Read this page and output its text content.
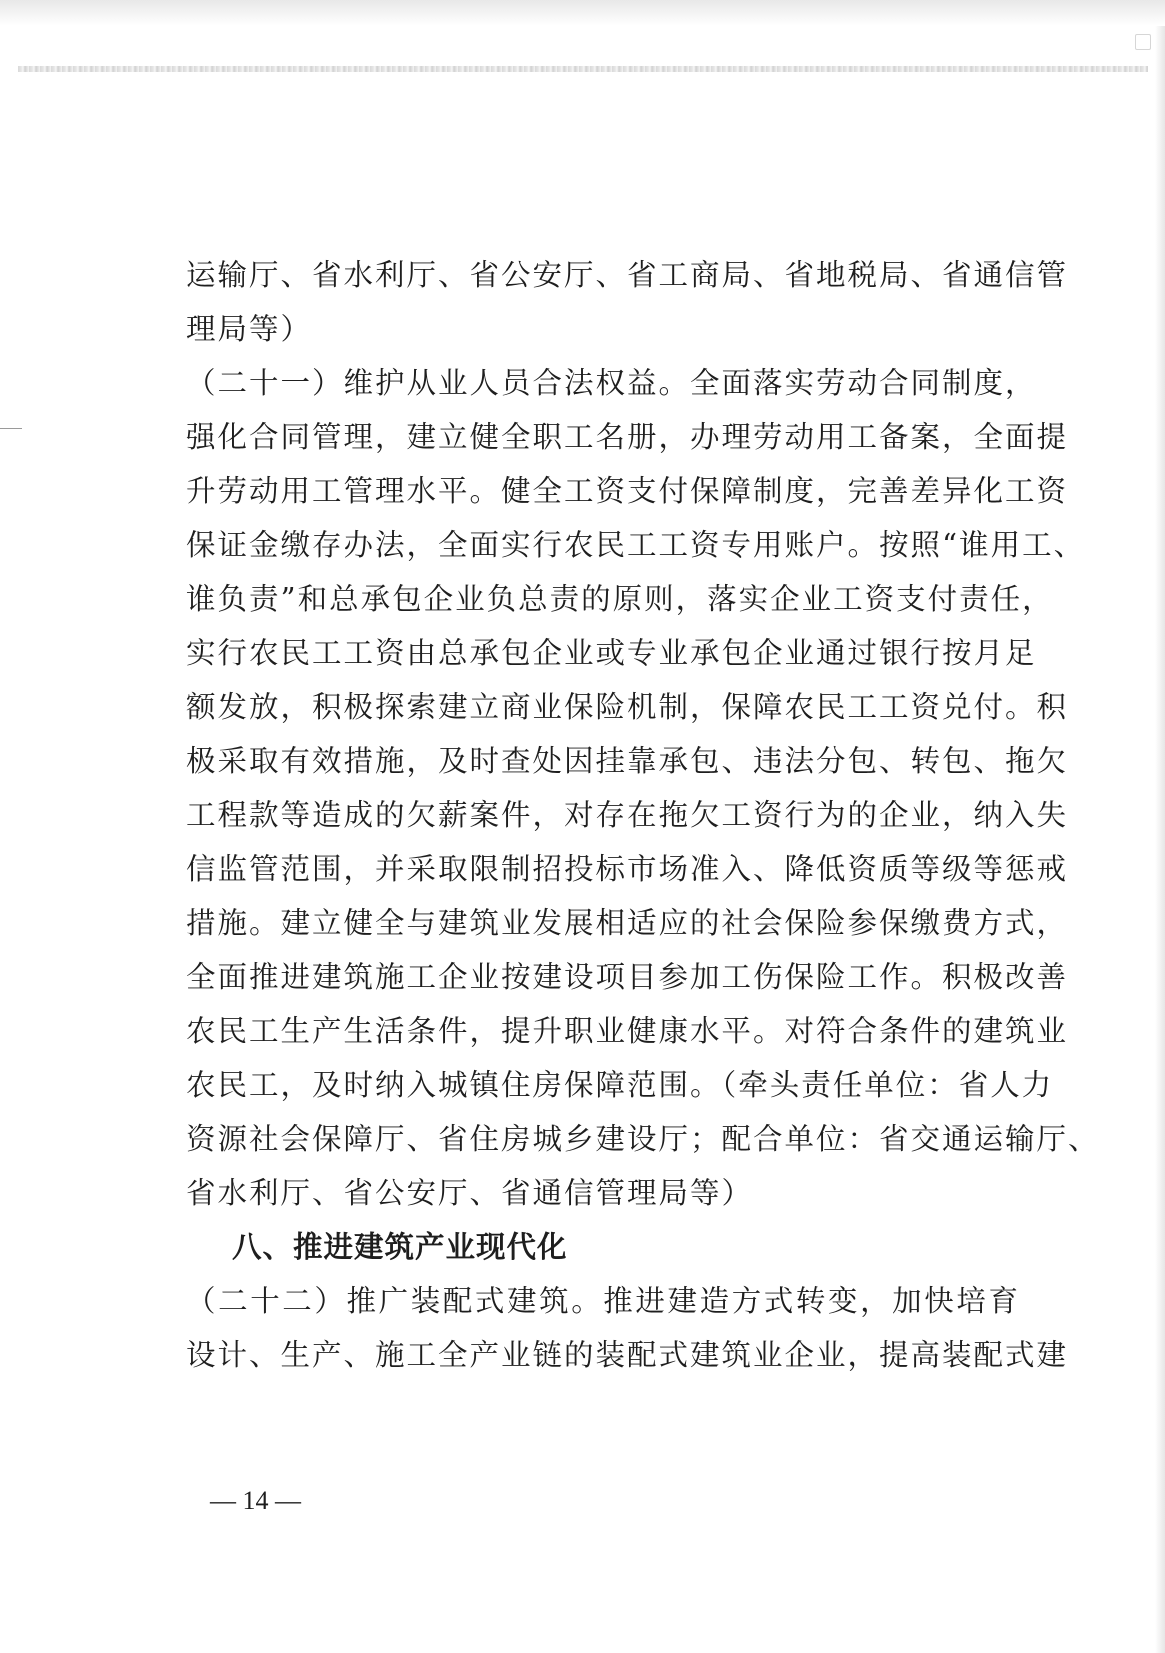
运输厅、省水利厅、省公安厅、省工商局、省地税局、省通信管
理局等）
（二十一）维护从业人员合法权益。全面落实劳动合同制度，
强化合同管理，建立健全职工名册，办理劳动用工备案，全面提
升劳动用工管理水平。健全工资支付保障制度，完善差异化工资
保证金缴存办法，全面实行农民工工资专用账户。按照“谁用工、
谁负责”和总承包企业负总责的原则，落实企业工资支付责任，
实行农民工工资由总承包企业或专业承包企业通过银行按月足
额发放，积极探索建立商业保险机制，保障农民工工资兑付。积
极采取有效措施，及时查处因挂靠承包、违法分包、转包、拖欠
工程款等造成的欠薪案件，对存在拖欠工资行为的企业，纳入失
信监管范围，并采取限制招投标市场准入、降低资质等级等惩戒
措施。建立健全与建筑业发展相适应的社会保险参保缴费方式，
全面推进建筑施工企业按建设项目参加工伤保险工作。积极改善
农民工生产生活条件，提升职业健康水平。对符合条件的建筑业
农民工，及时纳入城镇住房保障范围。（牵头责任单位：省人力
资源社会保障厅、省住房城乡建设厅；配合单位：省交通运输厅、
省水利厅、省公安厅、省通信管理局等）
八、推进建筑产业现代化
（二十二）推广装配式建筑。推进建造方式转变，加快培育
设计、生产、施工全产业链的装配式建筑业企业，提高装配式建
— 14 —
